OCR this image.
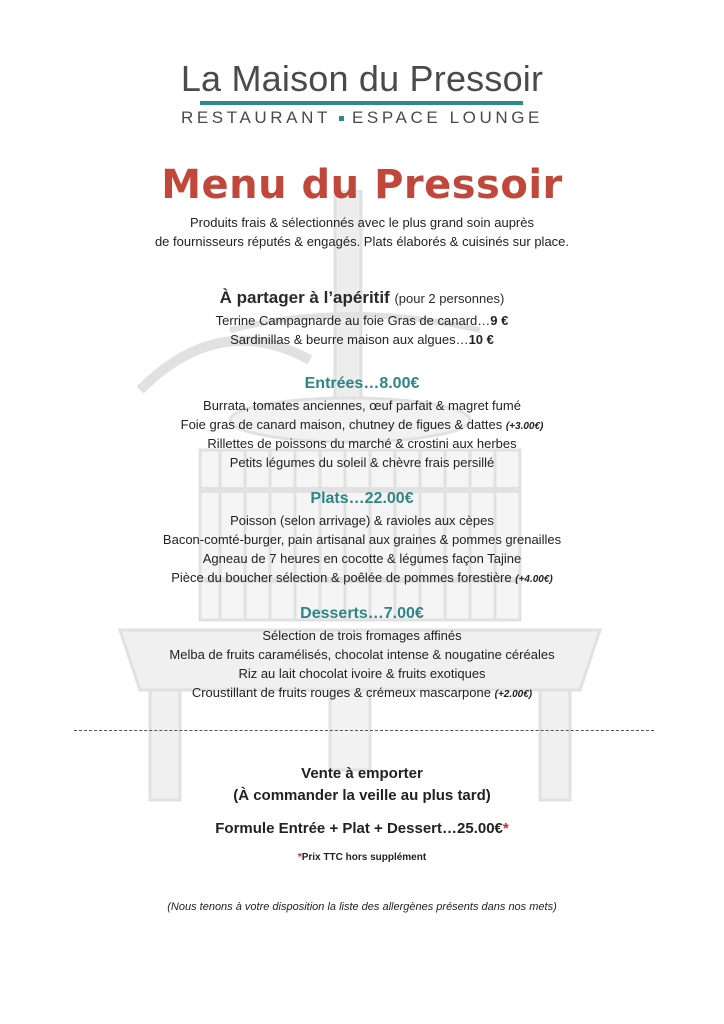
La Maison du Pressoir
RESTAURANT ESPACE LOUNGE
Menu du Pressoir
Produits frais & sélectionnés avec le plus grand soin auprès
de fournisseurs réputés & engagés. Plats élaborés & cuisinés sur place.
À partager à l’apéritif (pour 2 personnes)
Terrine Campagnarde au foie Gras de canard…9 €
Sardinillas & beurre maison aux algues…10 €
Entrées…8.00€
Burrata, tomates anciennes, œuf parfait & magret fumé
Foie gras de canard maison, chutney de figues & dattes (+3.00€)
Rillettes de poissons du marché & crostini aux herbes
Petits légumes du soleil & chèvre frais persillé
Plats…22.00€
Poisson (selon arrivage) & ravioles aux cèpes
Bacon-comté-burger, pain artisanal aux graines & pommes grenailles
Agneau de 7 heures en cocotte & légumes façon Tajine
Pièce du boucher sélection & poêlée de pommes forestière (+4.00€)
Desserts…7.00€
Sélection de trois fromages affinés
Melba de fruits caramélisés, chocolat intense & nougatine céréales
Riz au lait chocolat ivoire & fruits exotiques
Croustillant de fruits rouges & crémeux mascarpone (+2.00€)
Vente à emporter
(À commander la veille au plus tard)
Formule Entrée + Plat + Dessert…25.00€*
*Prix TTC hors supplément
(Nous tenons à votre disposition la liste des allergènes présents dans nos mets)
